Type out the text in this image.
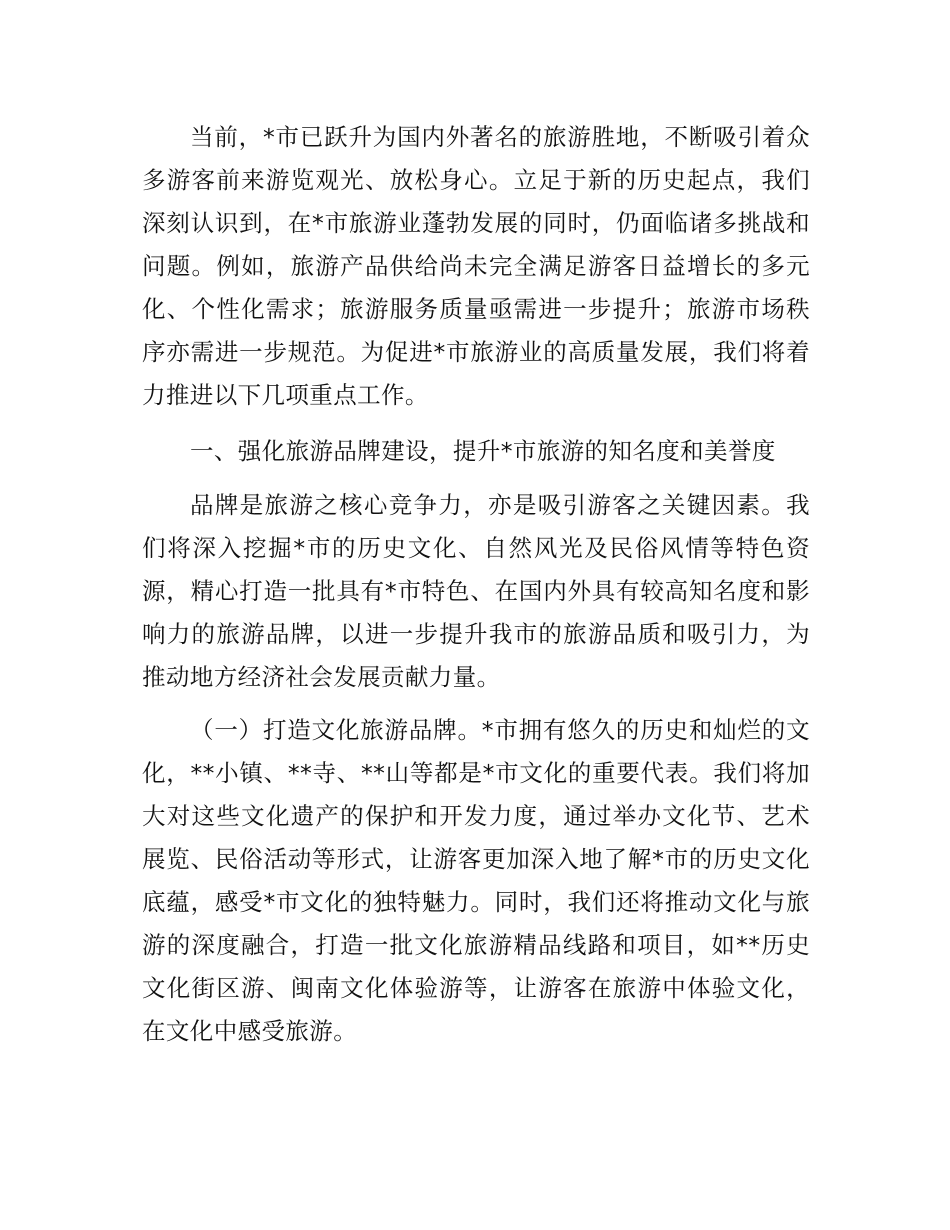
当前，*市已跃升为国内外著名的旅游胜地，不断吸引着众多游客前来游览观光、放松身心。立足于新的历史起点，我们深刻认识到，在*市旅游业蓬勃发展的同时，仍面临诸多挑战和问题。例如，旅游产品供给尚未完全满足游客日益增长的多元化、个性化需求；旅游服务质量亟需进一步提升；旅游市场秩序亦需进一步规范。为促进*市旅游业的高质量发展，我们将着力推进以下几项重点工作。

一、强化旅游品牌建设，提升*市旅游的知名度和美誉度

品牌是旅游之核心竞争力，亦是吸引游客之关键因素。我们将深入挖掘*市的历史文化、自然风光及民俗风情等特色资源，精心打造一批具有*市特色、在国内外具有较高知名度和影响力的旅游品牌，以进一步提升我市的旅游品质和吸引力，为推动地方经济社会发展贡献力量。

（一）打造文化旅游品牌。*市拥有悠久的历史和灿烂的文化，**小镇、**寺、**山等都是*市文化的重要代表。我们将加大对这些文化遗产的保护和开发力度，通过举办文化节、艺术展览、民俗活动等形式，让游客更加深入地了解*市的历史文化底蕴，感受*市文化的独特魅力。同时，我们还将推动文化与旅游的深度融合，打造一批文化旅游精品线路和项目，如**历史文化街区游、闽南文化体验游等，让游客在旅游中体验文化，在文化中感受旅游。
